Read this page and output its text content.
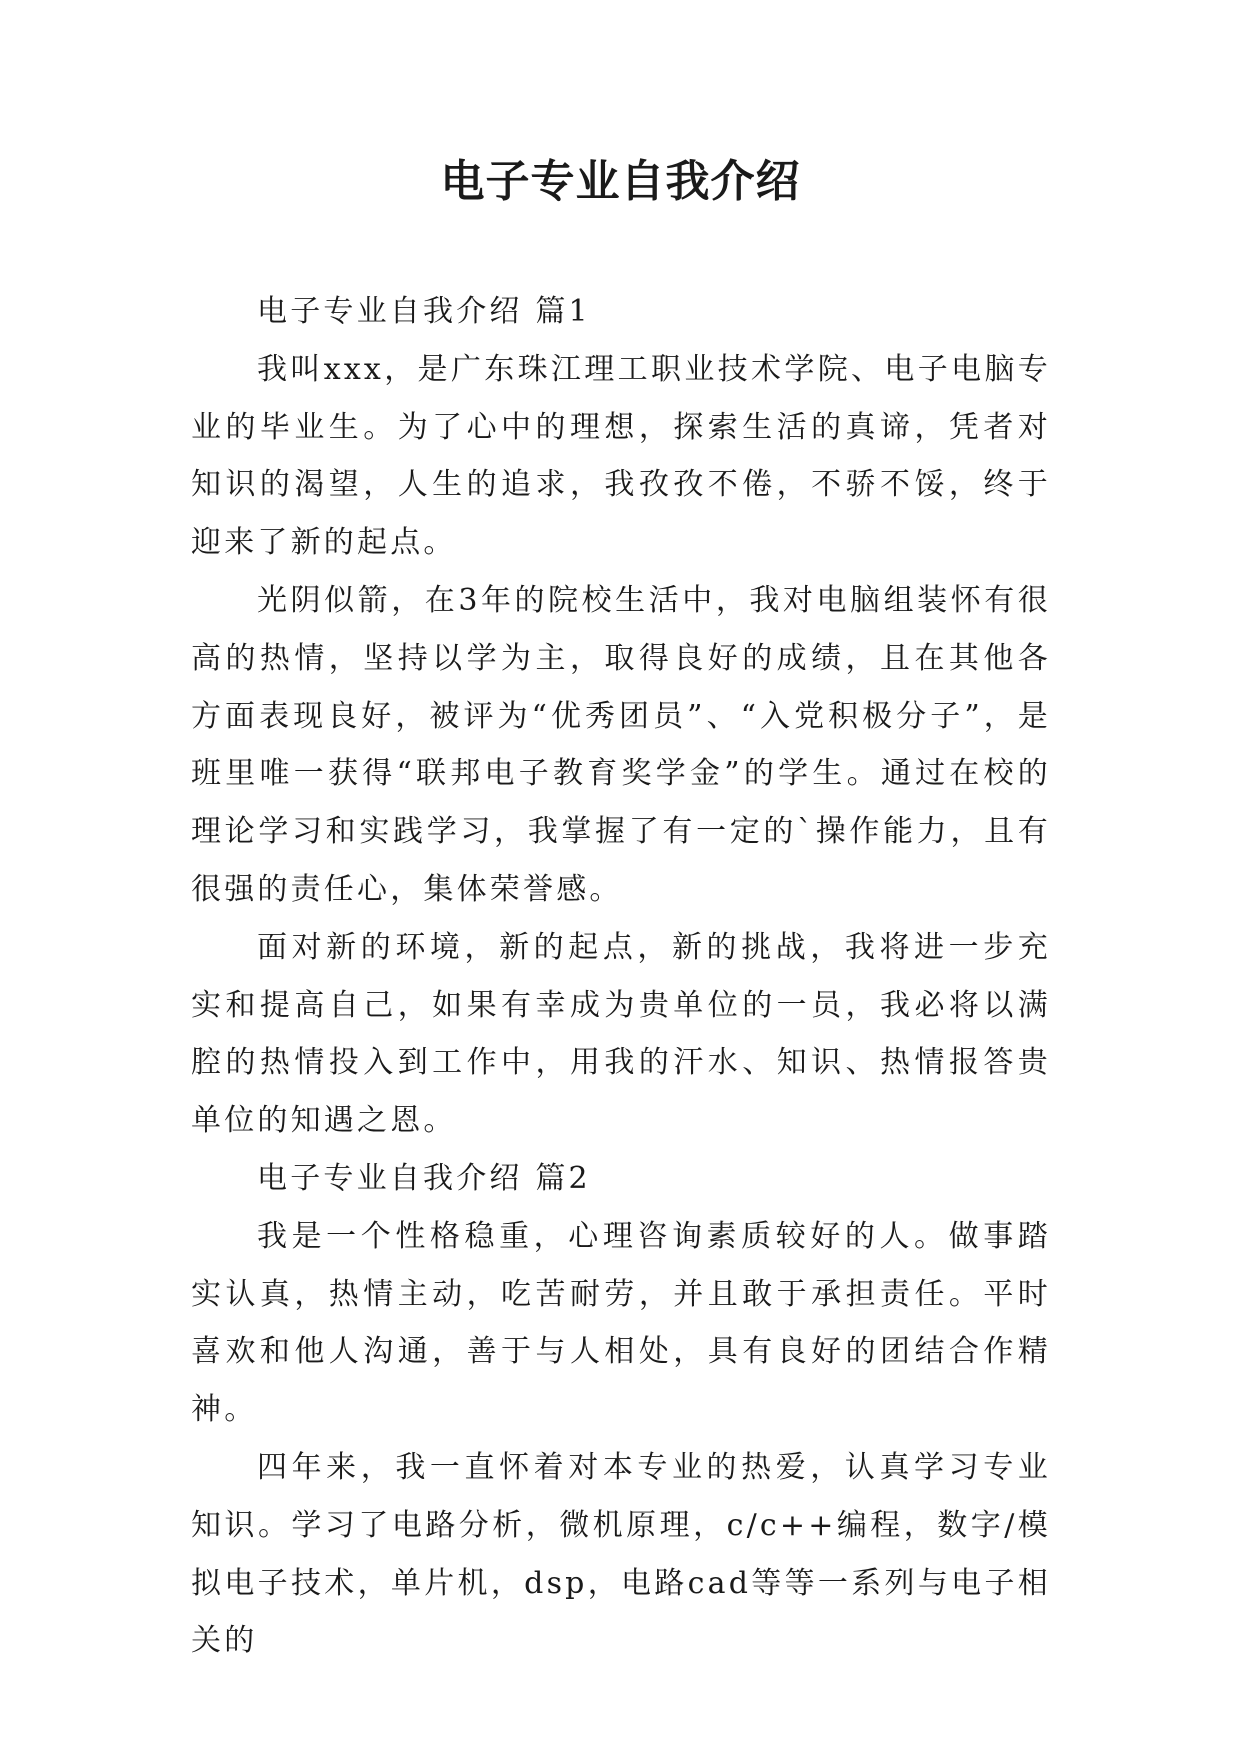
电子专业自我介绍

电子专业自我介绍 篇1

我叫xxx，是广东珠江理工职业技术学院、电子电脑专业的毕业生。为了心中的理想，探索生活的真谛，凭者对知识的渴望，人生的追求，我孜孜不倦，不骄不馁，终于迎来了新的起点。

光阴似箭，在3年的院校生活中，我对电脑组装怀有很高的热情，坚持以学为主，取得良好的成绩，且在其他各方面表现良好，被评为“优秀团员”、“入党积极分子”，是班里唯一获得“联邦电子教育奖学金”的学生。通过在校的理论学习和实践学习，我掌握了有一定的`操作能力，且有很强的责任心，集体荣誉感。

面对新的环境，新的起点，新的挑战，我将进一步充实和提高自己，如果有幸成为贵单位的一员，我必将以满腔的热情投入到工作中，用我的汗水、知识、热情报答贵单位的知遇之恩。

电子专业自我介绍 篇2

我是一个性格稳重，心理咨询素质较好的人。做事踏实认真，热情主动，吃苦耐劳，并且敢于承担责任。平时喜欢和他人沟通，善于与人相处，具有良好的团结合作精神。

四年来，我一直怀着对本专业的热爱，认真学习专业知识。学习了电路分析，微机原理，c/c++编程，数字/模拟电子技术，单片机，dsp，电路cad等等一系列与电子相关的
